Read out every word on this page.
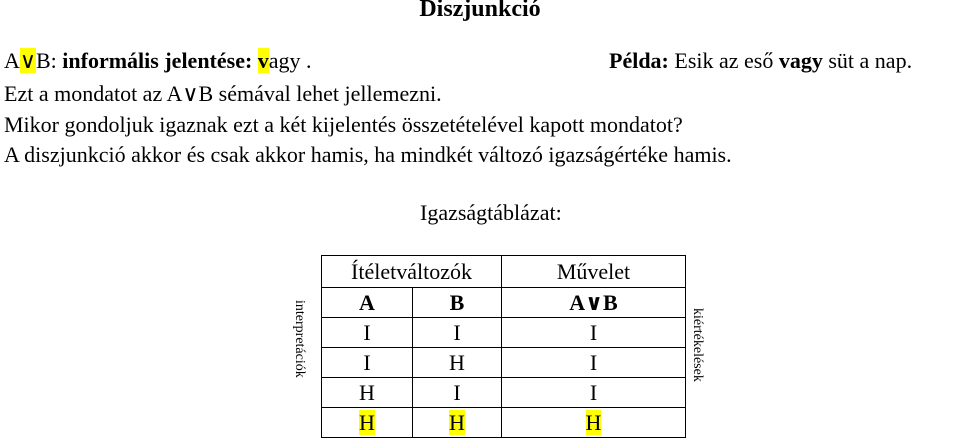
Diszjunkció
A∨B: informális jelentése: vagy .	Példa: Esik az eső vagy süt a nap.
Ezt a mondatot az A∨B sémával lehet jellemezni.
Mikor gondoljuk igaznak ezt a két kijelentés összetételével kapott mondatot?
A diszjunkció akkor és csak akkor hamis, ha mindkét változó igazságértéke hamis.
Igazságtáblázat:
Ítéletváltozók		Művelet
A	B	A∨B
I	I	I
I	H	I
H	I	I
H	H	H
interpretációk	kiértékelések
